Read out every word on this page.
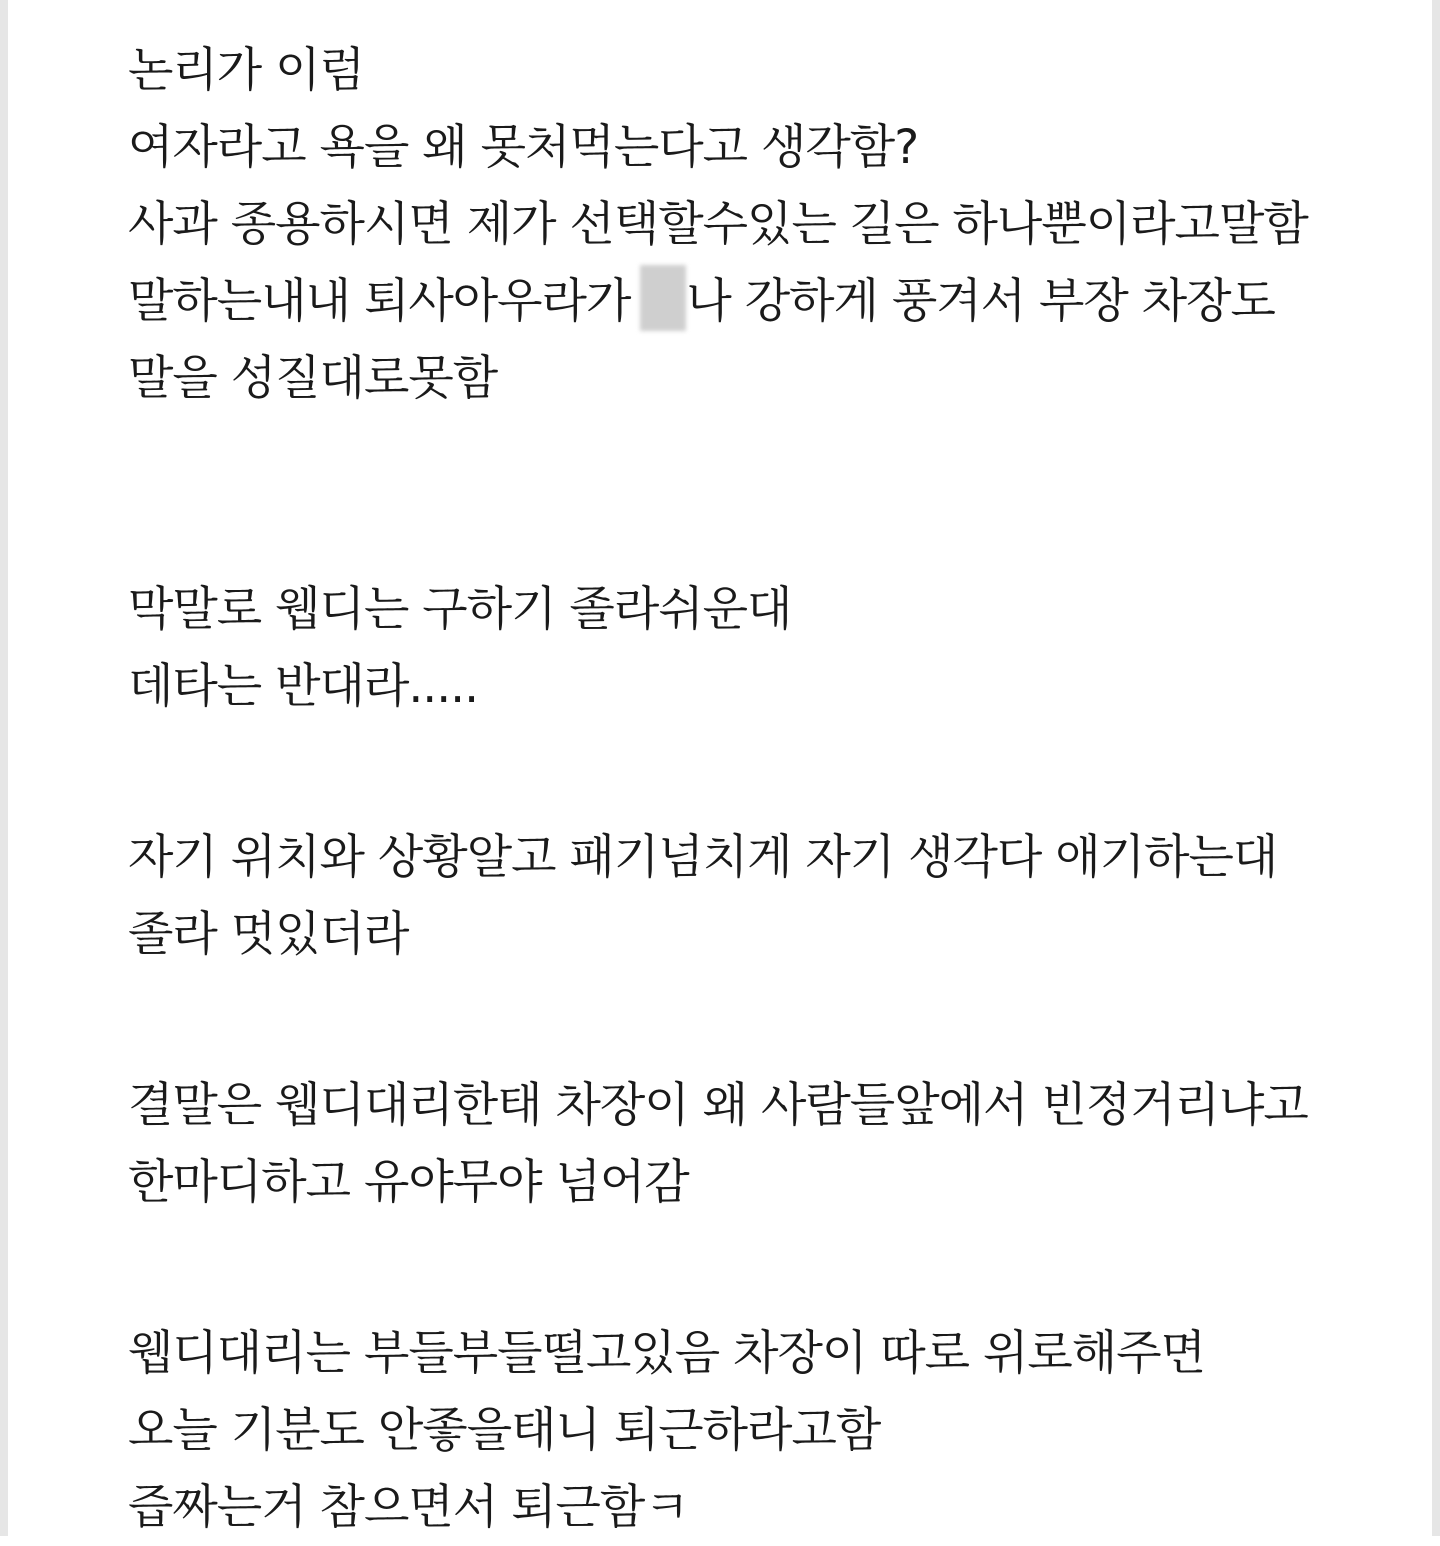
논리가 이럼
여자라고 욕을 왜 못처먹는다고 생각함?
사과 종용하시면 제가 선택할수있는 길은 하나뿐이라고말함
말하는내내 퇴사아우라가 나 강하게 풍겨서 부장 차장도
말을 성질대로못함
막말로 웹디는 구하기 졸라쉬운대
데타는 반대라.....
자기 위치와 상황알고 패기넘치게 자기 생각다 애기하는대
졸라 멋있더라
결말은 웹디대리한태 차장이 왜 사람들앞에서 빈정거리냐고
한마디하고 유야무야 넘어감
웹디대리는 부들부들떨고있음 차장이 따로 위로해주면
오늘 기분도 안좋을태니 퇴근하라고함
즙짜는거 참으면서 퇴근함ㅋ
